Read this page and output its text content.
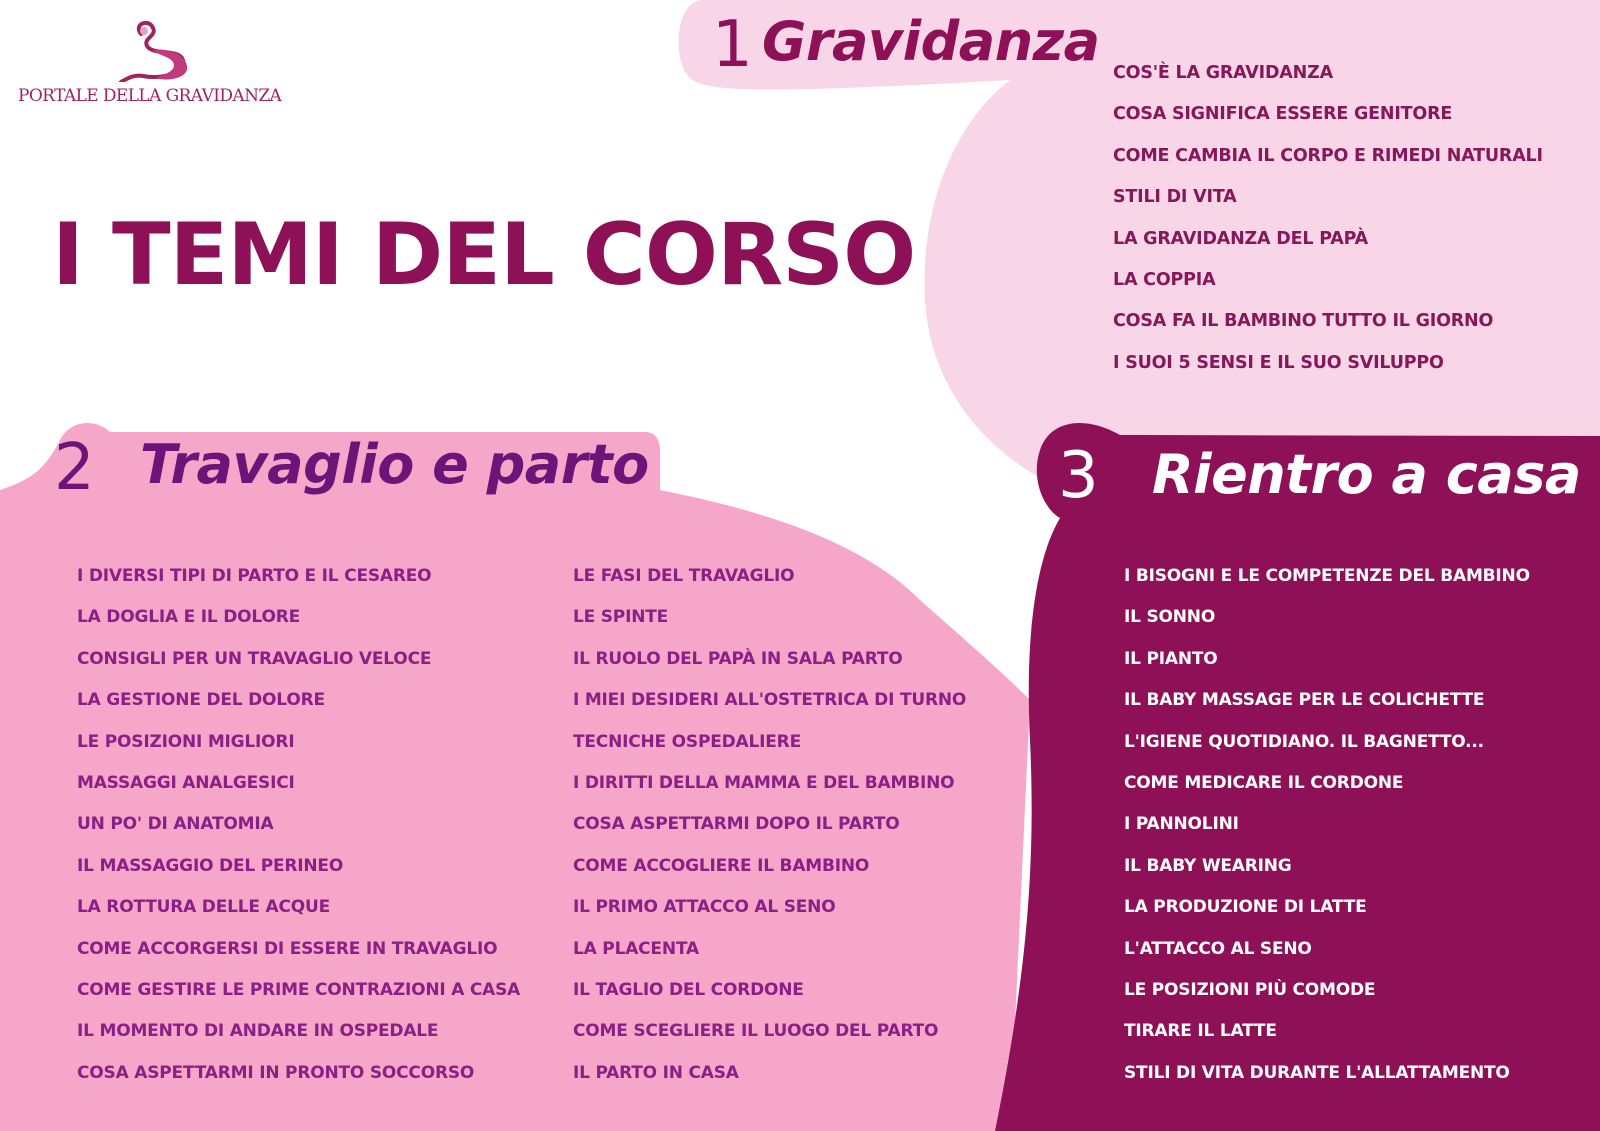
PORTALE DELLA GRAVIDANZA
I TEMI DEL CORSO
1 Gravidanza COS'È LA GRAVIDANZA
COSA SIGNIFICA ESSERE GENITORE
COME CAMBIA IL CORPO E RIMEDI NATURALI
STILI DI VITA
LA GRAVIDANZA DEL PAPÀ
LA COPPIA
COSA FA IL BAMBINO TUTTO IL GIORNO
I SUOI 5 SENSI E IL SUO SVILUPPO
2 Travaglio e parto
I DIVERSI TIPI DI PARTO E IL CESAREO
LA DOGLIA E IL DOLORE
CONSIGLI PER UN TRAVAGLIO VELOCE
LA GESTIONE DEL DOLORE
LE POSIZIONI MIGLIORI
MASSAGGI ANALGESICI
UN PO' DI ANATOMIA
IL MASSAGGIO DEL PERINEO
LA ROTTURA DELLE ACQUE
COME ACCORGERSI DI ESSERE IN TRAVAGLIO
COME GESTIRE LE PRIME CONTRAZIONI A CASA
IL MOMENTO DI ANDARE IN OSPEDALE
COSA ASPETTARMI IN PRONTO SOCCORSO
LE FASI DEL TRAVAGLIO
LE SPINTE
IL RUOLO DEL PAPÀ IN SALA PARTO
I MIEI DESIDERI ALL'OSTETRICA DI TURNO
TECNICHE OSPEDALIERE
I DIRITTI DELLA MAMMA E DEL BAMBINO
COSA ASPETTARMI DOPO IL PARTO
COME ACCOGLIERE IL BAMBINO
IL PRIMO ATTACCO AL SENO
LA PLACENTA
IL TAGLIO DEL CORDONE
COME SCEGLIERE IL LUOGO DEL PARTO
IL PARTO IN CASA
3 Rientro a casa
I BISOGNI E LE COMPETENZE DEL BAMBINO
IL SONNO
IL PIANTO
IL BABY MASSAGE PER LE COLICHETTE
L'IGIENE QUOTIDIANO. IL BAGNETTO...
COME MEDICARE IL CORDONE
I PANNOLINI
IL BABY WEARING
LA PRODUZIONE DI LATTE
L'ATTACCO AL SENO
LE POSIZIONI PIÙ COMODE
TIRARE IL LATTE
STILI DI VITA DURANTE L'ALLATTAMENTO
